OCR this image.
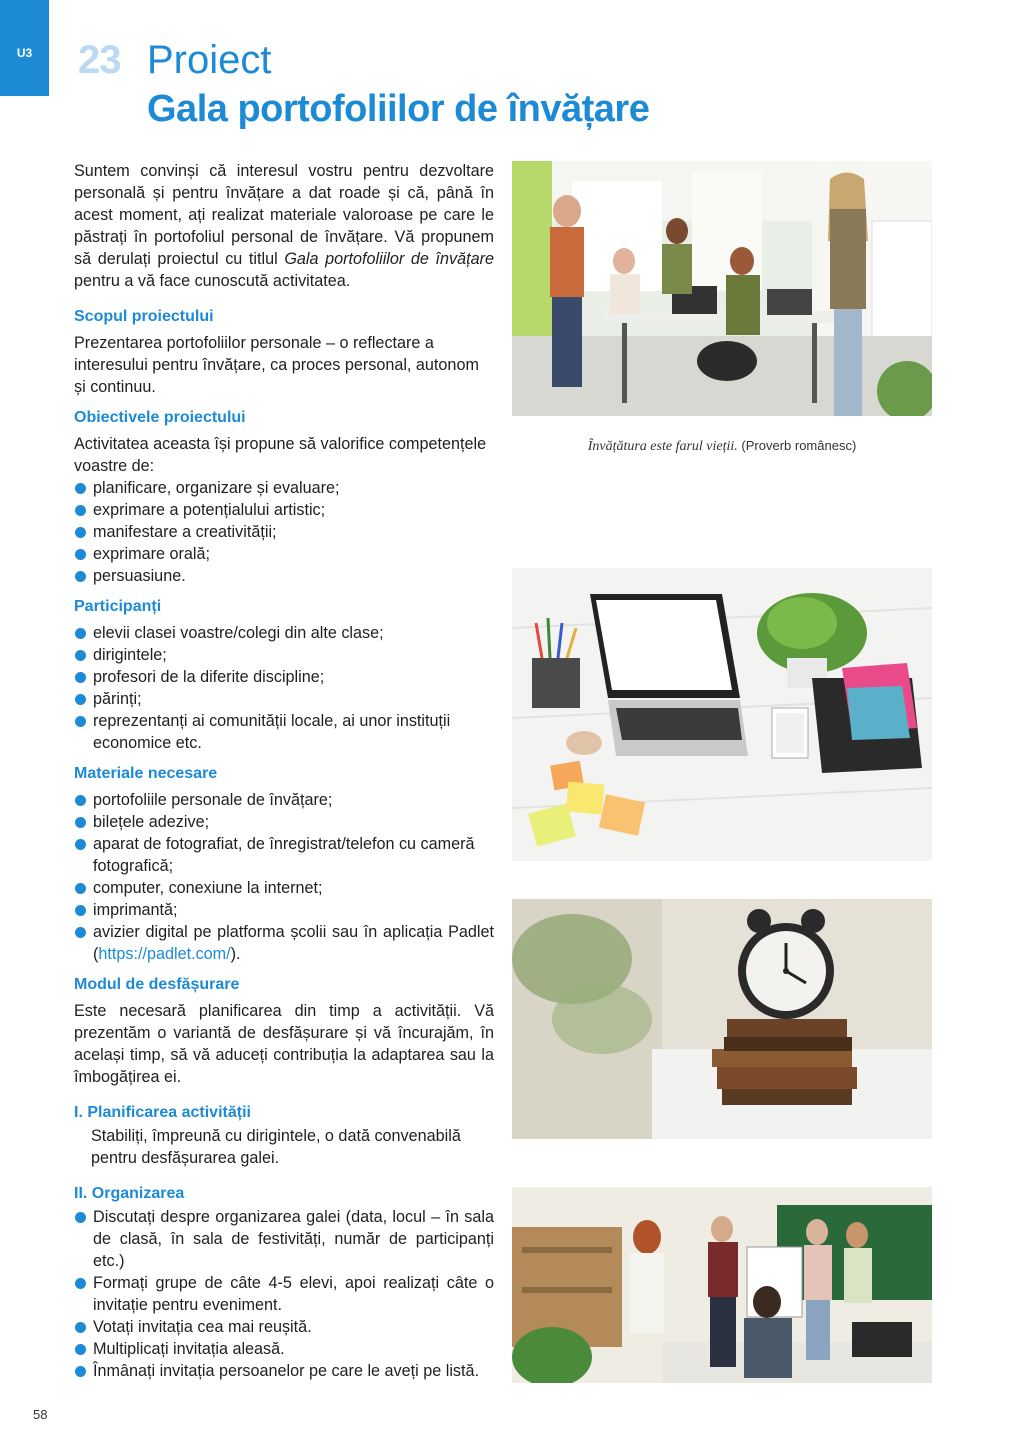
U3	23 Proiect
Gala portofoliilor de învățare

Suntem convinși că interesul vostru pentru dezvoltare personală și pentru învățare a dat roade și că, până în acest moment, ați realizat materiale valoroase pe care le păstrați în portofoliul personal de învățare. Vă propunem să derulați proiectul cu titlul Gala portofoliilor de învățare pentru a vă face cunoscută activitatea.

Scopul proiectului

Prezentarea portofoliilor personale – o reflectare a interesului pentru învățare, ca proces personal, autonom și continuu.

Obiectivele proiectului

Activitatea aceasta își propune să valorifice competențele voastre de:

planificare, organizare și evaluare;
exprimare a potențialului artistic;
manifestare a creativității;
exprimare orală;
persuasiune.
Participanți
elevii clasei voastre/colegi din alte clase;
dirigintele;
profesori de la diferite discipline;
părinți;
reprezentanți ai comunității locale, ai unor instituții economice etc.
Materiale necesare
portofoliile personale de învățare;
bilețele adezive;
aparat de fotografiat, de înregistrat/telefon cu cameră fotografică;
computer, conexiune la internet;
imprimantă;
avizier digital pe platforma școlii sau în aplicația Padlet (https://padlet.com/).
Modul de desfășurare

Este necesară planificarea din timp a activității. Vă prezentăm o variantă de desfășurare și vă încurajăm, în același timp, să vă aduceți contribuția la adaptarea sau la îmbogățirea ei.

I. Planificarea activității

Stabiliți, împreună cu dirigintele, o dată convenabilă pentru desfășurarea galei.

II. Organizarea
Discutați despre organizarea galei (data, locul – în sala de clasă, în sala de festivități, număr de participanți etc.)
Formați grupe de câte 4-5 elevi, apoi realizați câte o invitație pentru eveniment.
Votați invitația cea mai reușită.
Multiplicați invitația aleasă.
Înmânați invitația persoanelor pe care le aveți pe listă.
Învățătura este farul vieții. (Proverb românesc)
58
